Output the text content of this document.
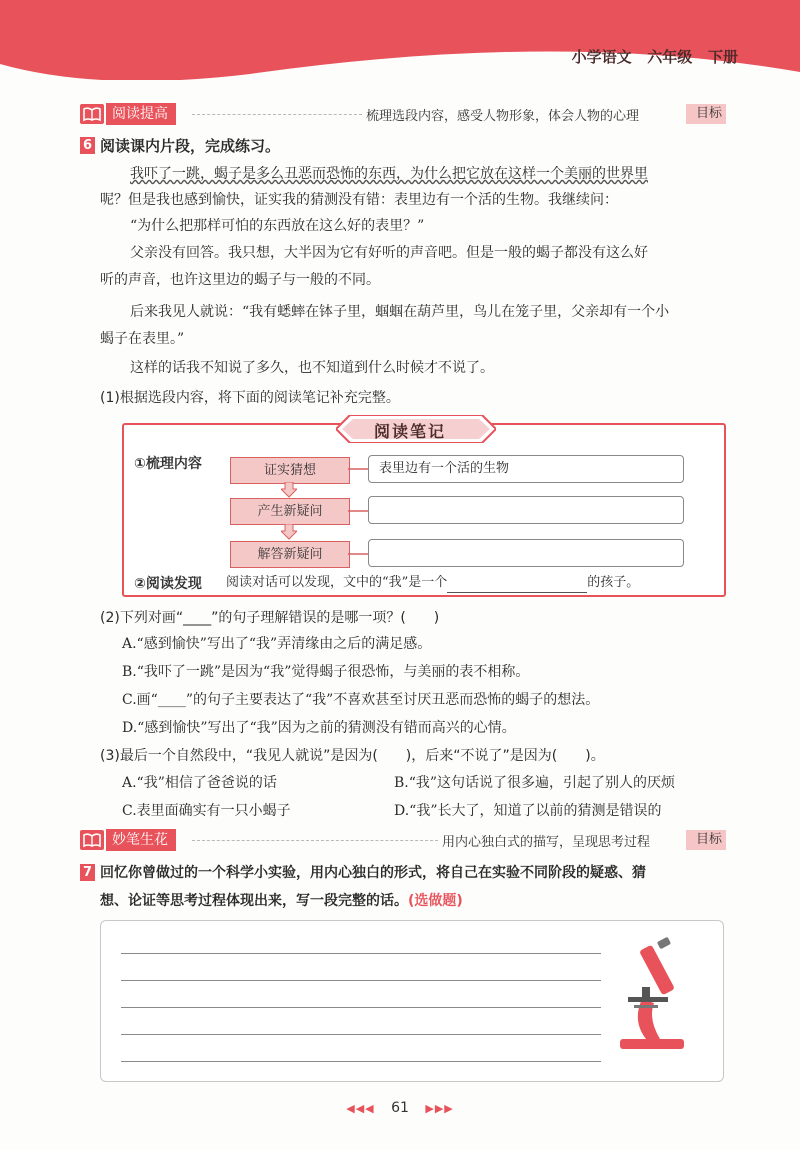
小学语文 六年级 下册
阅读提高	梳理选段内容，感受人物形象，体会人物的心理	目标
6 阅读课内片段，完成练习。
我吓了一跳，蝎子是多么丑恶而恐怖的东西，为什么把它放在这样一个美丽的世界里
呢？但是我也感到愉快，证实我的猜测没有错：表里边有一个活的生物。我继续问：
“为什么把那样可怕的东西放在这么好的表里？”
父亲没有回答。我只想，大半因为它有好听的声音吧。但是一般的蝎子都没有这么好
听的声音，也许这里边的蝎子与一般的不同。
后来我见人就说：“我有蟋蟀在钵子里，蝈蝈在葫芦里，鸟儿在笼子里，父亲却有一个小
蝎子在表里。”
这样的话我不知说了多久，也不知道到什么时候才不说了。
(1)根据选段内容，将下面的阅读笔记补充完整。
阅读笔记
①梳理内容	证实猜想	表里边有一个活的生物
产生新疑问
解答新疑问
②阅读发现 阅读对话可以发现，文中的“我”是一个	的孩子。
(2)下列对画“____”的句子理解错误的是哪一项？(　　)
A.“感到愉快”写出了“我”弄清缘由之后的满足感。
B.“我吓了一跳”是因为“我”觉得蝎子很恐怖，与美丽的表不相称。
C.画“____”的句子主要表达了“我”不喜欢甚至讨厌丑恶而恐怖的蝎子的想法。
D.“感到愉快”写出了“我”因为之前的猜测没有错而高兴的心情。
(3)最后一个自然段中，“我见人就说”是因为(　　)，后来“不说了”是因为(　　)。
A.“我”相信了爸爸说的话	B.“我”这句话说了很多遍，引起了别人的厌烦
C.表里面确实有一只小蝎子	D.“我”长大了，知道了以前的猜测是错误的
妙笔生花	用内心独白式的描写，呈现思考过程	目标
7 回忆你曾做过的一个科学小实验，用内心独白的形式，将自己在实验不同阶段的疑惑、猜
想、论证等思考过程体现出来，写一段完整的话。(选做题)
◀◀◀ 61 ▶▶▶
